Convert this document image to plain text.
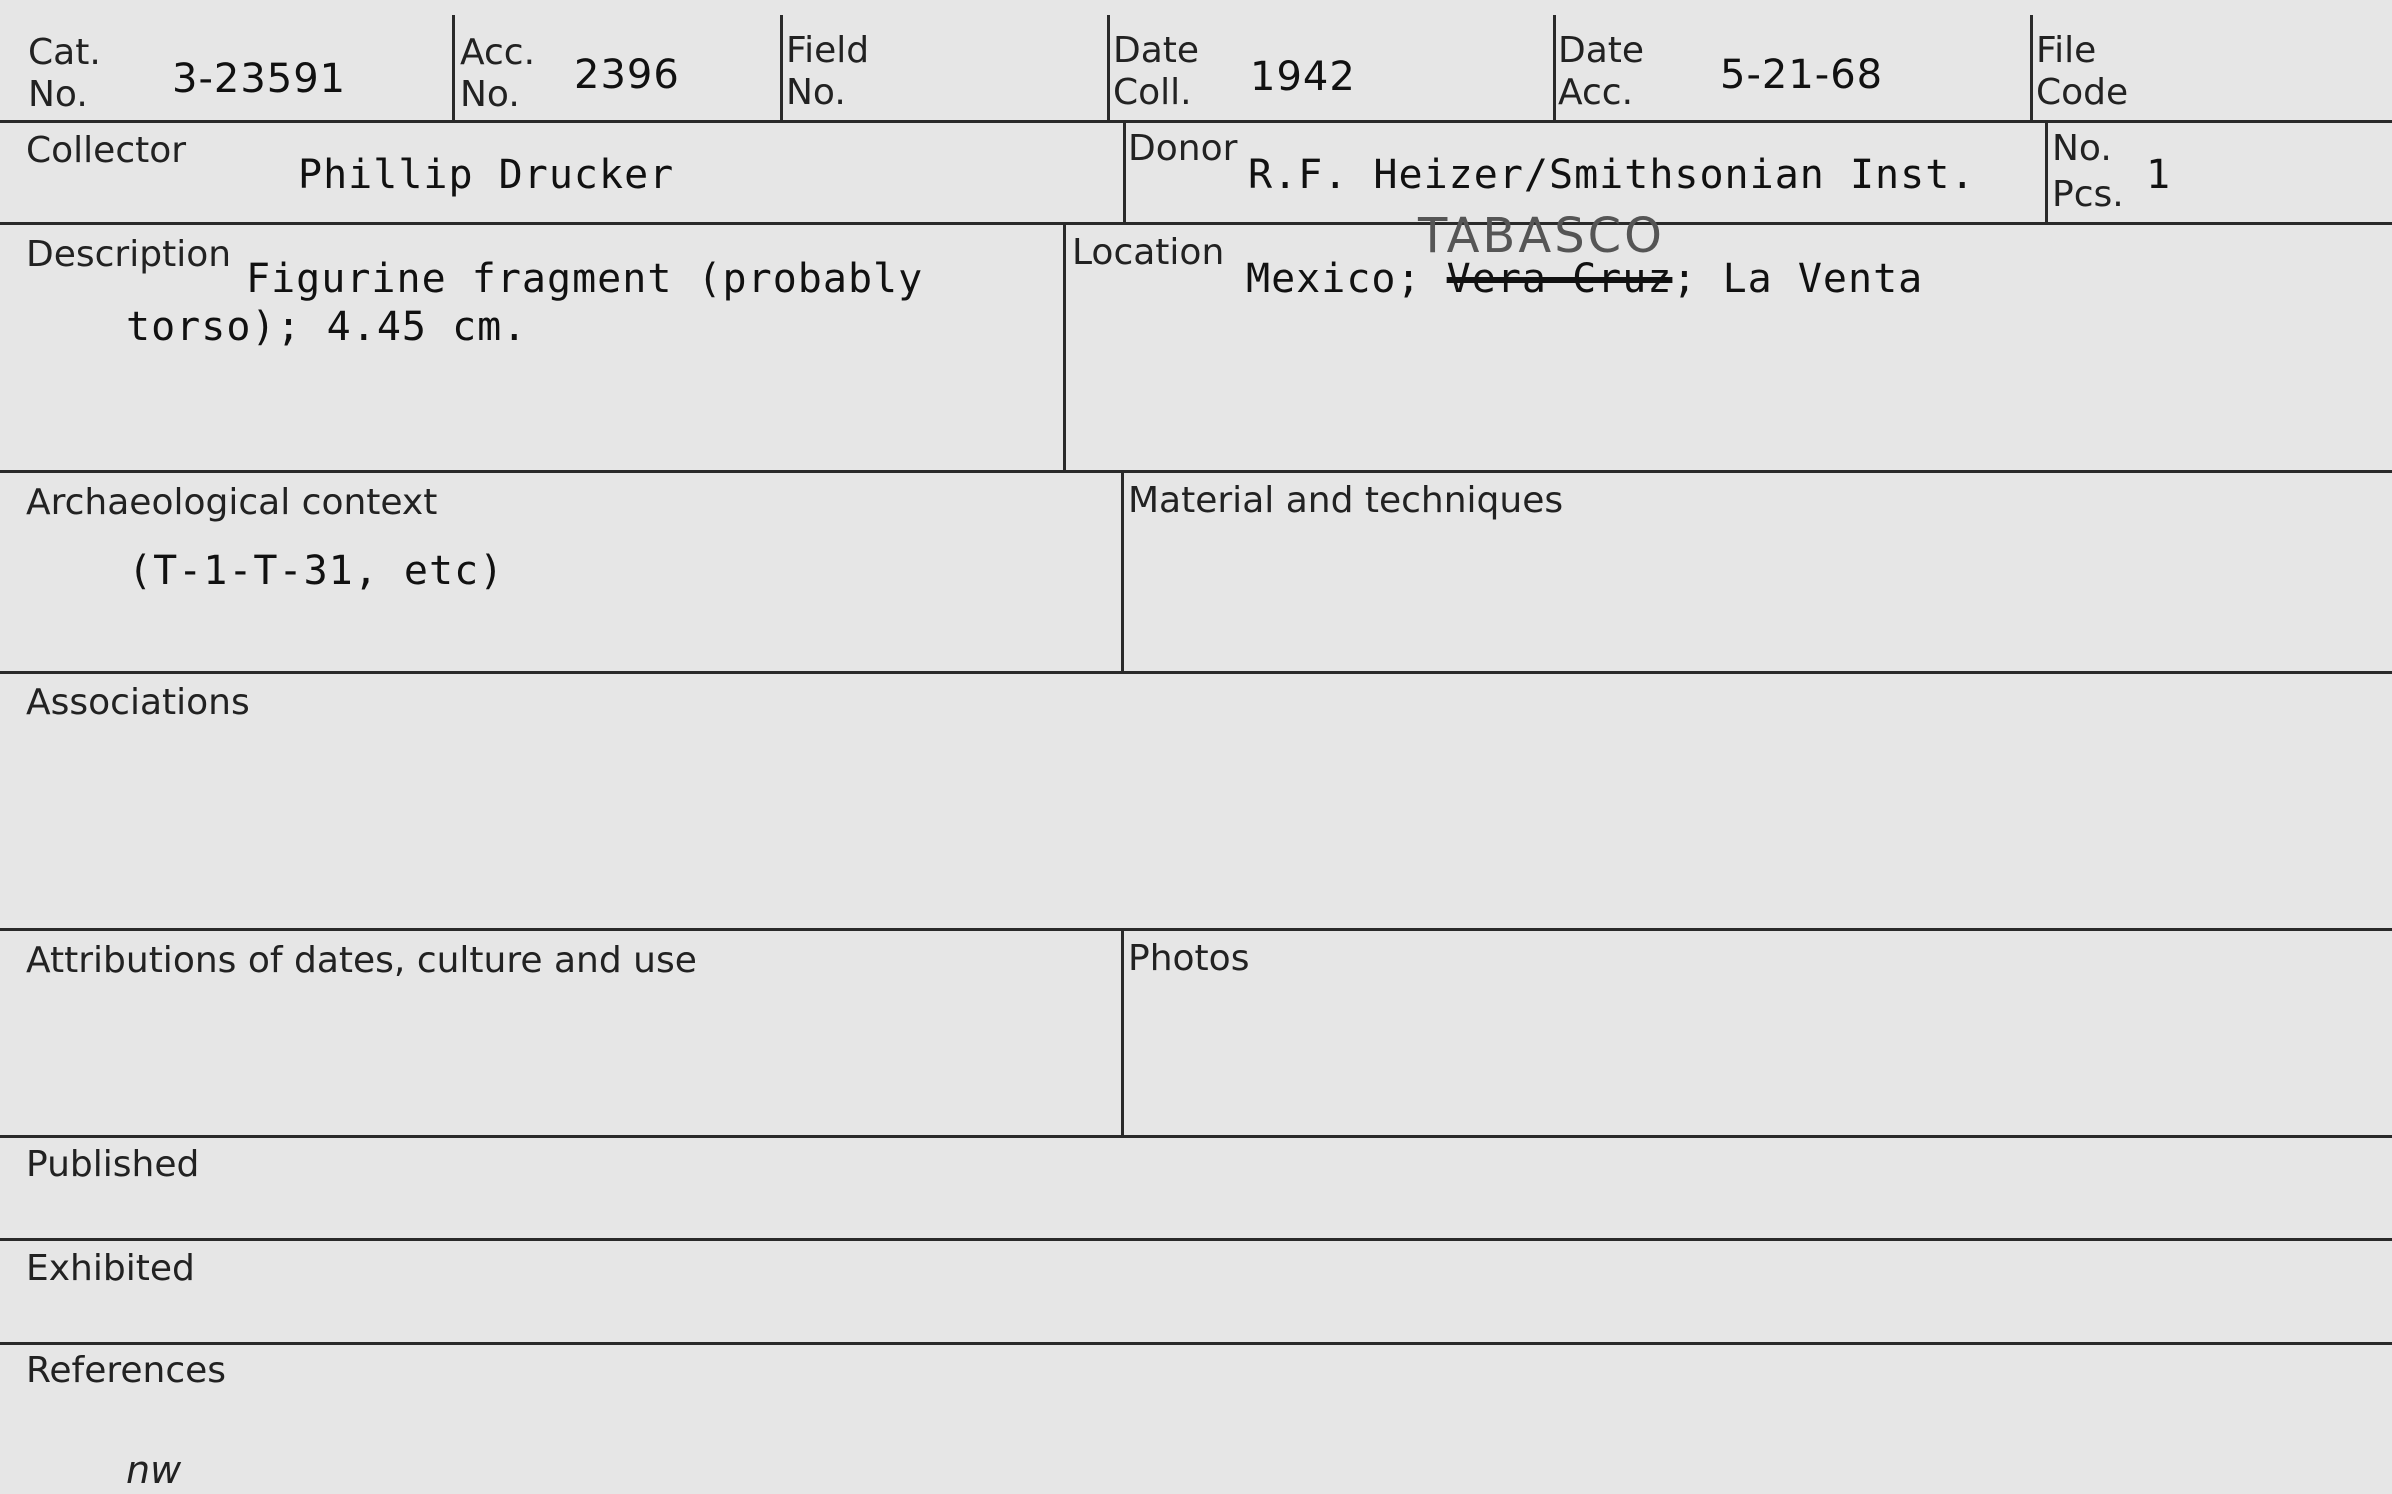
Cat.
No. 3-23591
Acc.
No. 2396
Field
No.
Date
Coll. 1942
Date
Acc. 5-21-68
File
Code
Collector
Phillip Drucker
Donor
R.F. Heizer/Smithsonian Inst.
No.
Pcs. 1
Description
Figurine fragment (probably
torso); 4.45 cm.
Location	TABASCO
Mexico; Vera Cruz; La Venta
Archaeological context
(T-1-T-31, etc)
Material and techniques
Associations
Attributions of dates, culture and use	Photos
Published
Exhibited
References
nw
